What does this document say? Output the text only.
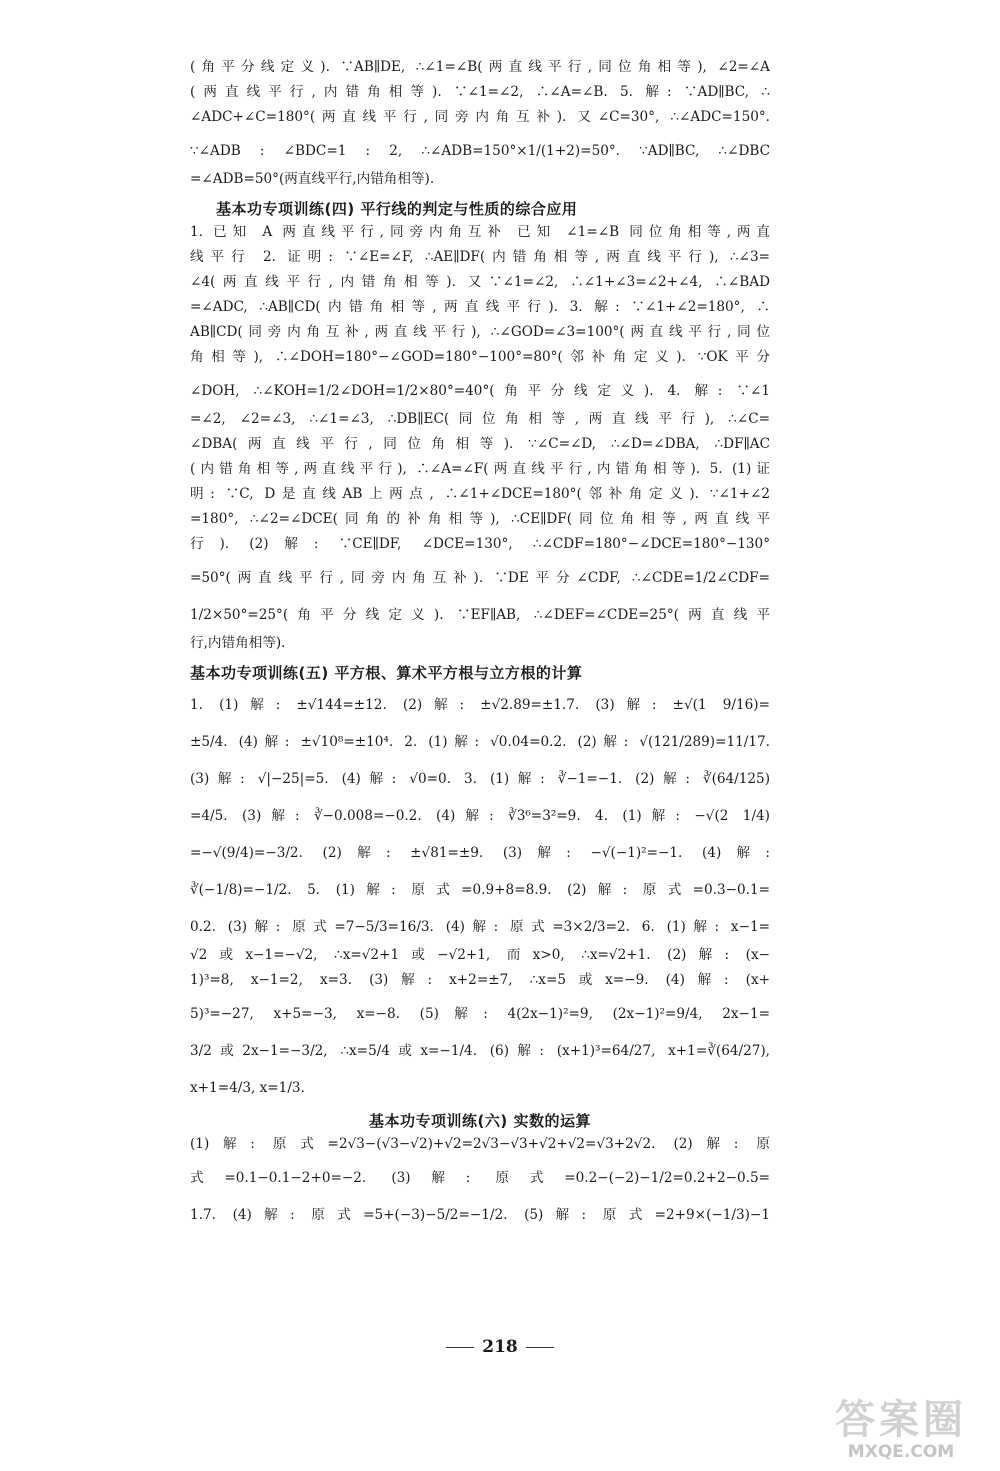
(角平分线定义). ∵AB∥DE, ∴∠1=∠B(两直线平行,同位角相等), ∠2=∠A
(两直线平行,内错角相等). ∵∠1=∠2, ∴∠A=∠B. 5. 解: ∵AD∥BC, ∴
∠ADC+∠C=180°(两直线平行,同旁内角互补). 又∠C=30°, ∴∠ADC=150°.
∵∠ADB : ∠BDC=1 : 2, ∴∠ADB=150°×1/(1+2)=50°. ∵AD∥BC, ∴∠DBC
=∠ADB=50°(两直线平行,内错角相等).
基本功专项训练(四) 平行线的判定与性质的综合应用
1. 已知 A 两直线平行,同旁内角互补 已知 ∠1=∠B 同位角相等,两直
线平行 2. 证明: ∵∠E=∠F, ∴AE∥DF(内错角相等,两直线平行), ∴∠3=
∠4(两直线平行,内错角相等). 又∵∠1=∠2, ∴∠1+∠3=∠2+∠4, ∴∠BAD
=∠ADC, ∴AB∥CD(内错角相等,两直线平行). 3. 解: ∵∠1+∠2=180°, ∴
AB∥CD(同旁内角互补,两直线平行), ∴∠GOD=∠3=100°(两直线平行,同位
角相等), ∴∠DOH=180°−∠GOD=180°−100°=80°(邻补角定义). ∵OK平分
∠DOH, ∴∠KOH=1/2∠DOH=1/2×80°=40°(角平分线定义). 4. 解: ∵∠1
=∠2, ∠2=∠3, ∴∠1=∠3, ∴DB∥EC(同位角相等,两直线平行), ∴∠C=
∠DBA(两直线平行,同位角相等). ∵∠C=∠D, ∴∠D=∠DBA, ∴DF∥AC
(内错角相等,两直线平行), ∴∠A=∠F(两直线平行,内错角相等). 5. (1)证
明: ∵C, D是直线AB上两点, ∴∠1+∠DCE=180°(邻补角定义). ∵∠1+∠2
=180°, ∴∠2=∠DCE(同角的补角相等), ∴CE∥DF(同位角相等,两直线平
行). (2)解: ∵CE∥DF, ∠DCE=130°, ∴∠CDF=180°−∠DCE=180°−130°
=50°(两直线平行,同旁内角互补). ∵DE平分∠CDF, ∴∠CDE=1/2∠CDF=
1/2×50°=25°(角平分线定义). ∵EF∥AB, ∴∠DEF=∠CDE=25°(两直线平
行,内错角相等).
基本功专项训练(五) 平方根、算术平方根与立方根的计算
1. (1)解: ±√144=±12. (2)解: ±√2.89=±1.7. (3)解: ±√(1 9/16)=
±5/4. (4)解: ±√10⁸=±10⁴. 2. (1)解: √0.04=0.2. (2)解: √(121/289)=11/17.
(3)解: √|−25|=5. (4)解: √0=0. 3. (1)解: ∛−1=−1. (2)解: ∛(64/125)
=4/5. (3)解: ∛−0.008=−0.2. (4)解: ∛3⁶=3²=9. 4. (1)解: −√(2 1/4)
=−√(9/4)=−3/2. (2)解: ±√81=±9. (3)解: −√(−1)²=−1. (4)解:
∛(−1/8)=−1/2. 5. (1)解: 原式=0.9+8=8.9. (2)解: 原式=0.3−0.1=
0.2. (3)解: 原式=7−5/3=16/3. (4)解: 原式=3×2/3=2. 6. (1)解: x−1=
√2或x−1=−√2, ∴x=√2+1或−√2+1, 而x>0, ∴x=√2+1. (2)解: (x−
1)³=8, x−1=2, x=3. (3)解: x+2=±7, ∴x=5或x=−9. (4)解: (x+
5)³=−27, x+5=−3, x=−8. (5)解: 4(2x−1)²=9, (2x−1)²=9/4, 2x−1=
3/2或2x−1=−3/2, ∴x=5/4或x=−1/4. (6)解: (x+1)³=64/27, x+1=∛(64/27),
x+1=4/3, x=1/3.
基本功专项训练(六) 实数的运算
(1)解: 原式=2√3−(√3−√2)+√2=2√3−√3+√2+√2=√3+2√2. (2)解: 原
式=0.1−0.1−2+0=−2. (3)解: 原式=0.2−(−2)−1/2=0.2+2−0.5=
1.7. (4)解: 原式=5+(−3)−5/2=−1/2. (5)解: 原式=2+9×(−1/3)−1
218
答案圈
MXQE.COM
